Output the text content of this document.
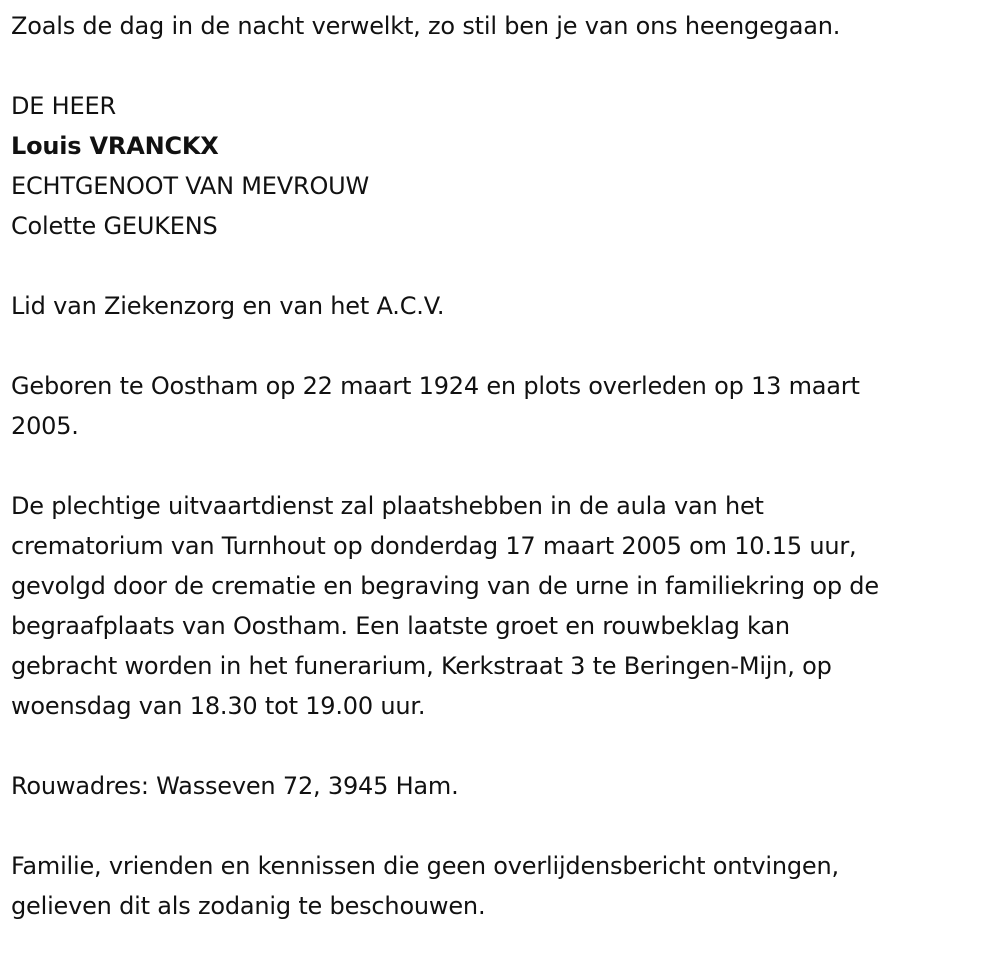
Zoals de dag in de nacht verwelkt, zo stil ben je van ons heengegaan.
DE HEER
Louis VRANCKX
ECHTGENOOT VAN MEVROUW
Colette GEUKENS
Lid van Ziekenzorg en van het A.C.V.
Geboren te Oostham op 22 maart 1924 en plots overleden op 13 maart
2005.
De plechtige uitvaartdienst zal plaatshebben in de aula van het
crematorium van Turnhout op donderdag 17 maart 2005 om 10.15 uur,
gevolgd door de crematie en begraving van de urne in familiekring op de
begraafplaats van Oostham. Een laatste groet en rouwbeklag kan
gebracht worden in het funerarium, Kerkstraat 3 te Beringen-Mijn, op
woensdag van 18.30 tot 19.00 uur.
Rouwadres: Wasseven 72, 3945 Ham.
Familie, vrienden en kennissen die geen overlijdensbericht ontvingen,
gelieven dit als zodanig te beschouwen.
